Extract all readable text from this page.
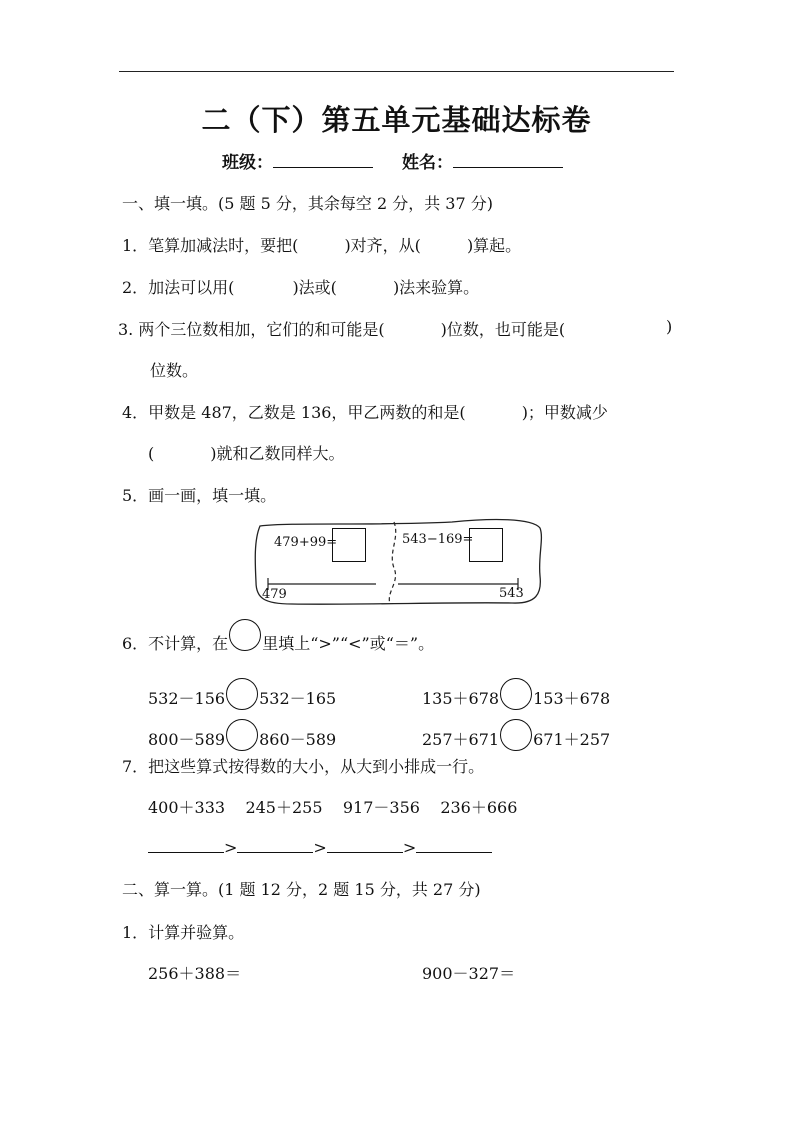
二（下）第五单元基础达标卷
班级：	姓名：
一、填一填。(5 题 5 分，其余每空 2 分，共 37 分)
1．笔算加减法时，要把(	)对齐，从(	)算起。
2．加法可以用(	)法或(	)法来验算。
3. 两个三位数相加，它们的和可能是(	)位数，也可能是(	)
位数。
4．甲数是 487，乙数是 136，甲乙两数的和是(	)；甲数减少
(	)就和乙数同样大。
5．画一画，填一填。
479+99=	543−169=
479	543
6．不计算，在 里填上“>”“<”或“＝”。
532－156 532－165	135＋678 153＋678
800－589 860－589	257＋671 671＋257
7．把这些算式按得数的大小，从大到小排成一行。
400＋333 245＋255 917－356 236＋666
>	>	>
二、算一算。(1 题 12 分，2 题 15 分，共 27 分)
1．计算并验算。
256＋388＝	900－327＝
